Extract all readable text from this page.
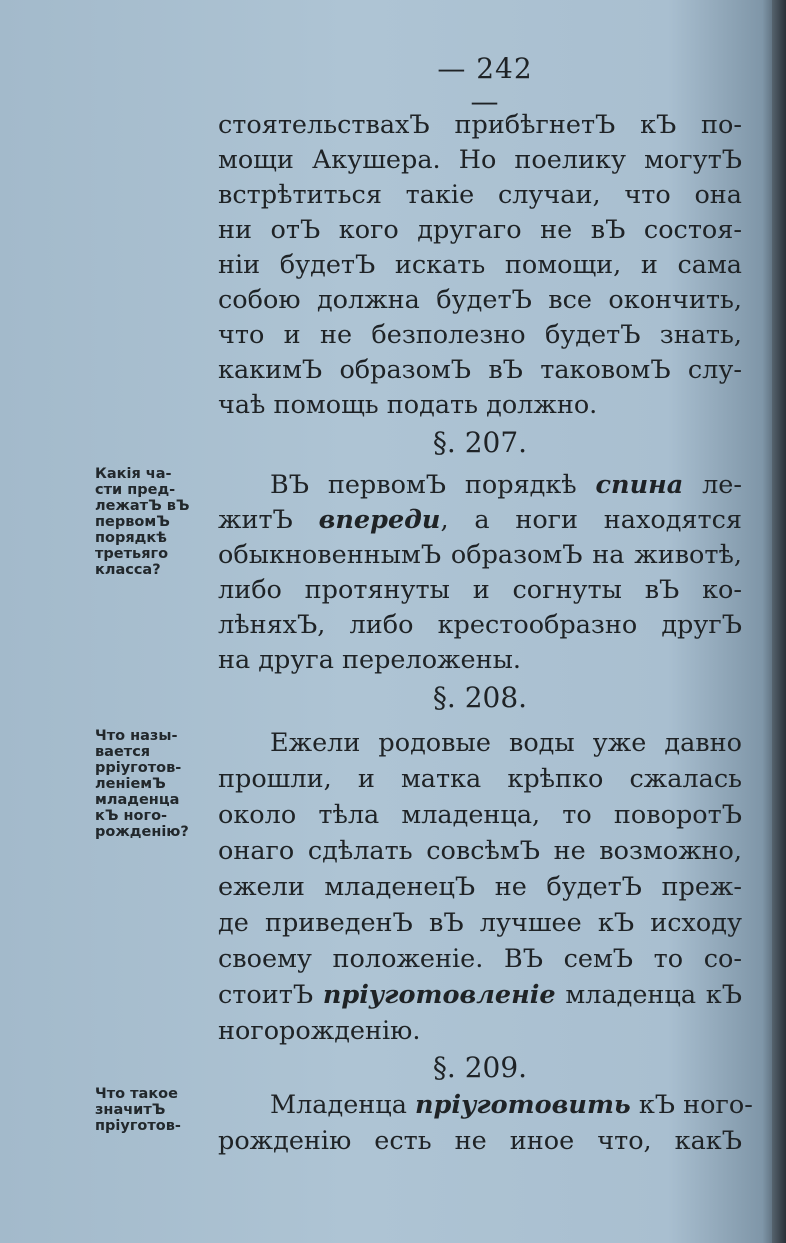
— 242 —
стоятельствахЪ прибѣгнетЪ кЪ по-
мощи Акушера. Но поелику могутЪ
встрѣтиться такіе случаи, что она
ни отЪ кого другаго не вЪ состоя-
ніи будетЪ искать помощи, и сама
собою должна будетЪ все окончить,
что и не безполезно будетЪ знать,
какимЪ образомЪ вЪ таковомЪ слу-
чаѣ помощь подать должно.
§. 207.
Какія ча-
сти пред-
лежатЪ вЪ
первомЪ
порядкѣ
третьяго
класса?
ВЪ первомЪ порядкѣ спина ле-
житЪ впереди, а ноги находятся
обыкновеннымЪ образомЪ на животѣ,
либо протянуты и согнуты вЪ ко-
лѣняхЪ, либо крестообразно другЪ
на друга переложены.
§. 208.
Что назы-
вается
pріуготов-
леніемЪ
младенца
кЪ ного-
рожденію?
Ежели родовые воды уже давно
прошли, и матка крѣпко сжалась
около тѣла младенца, то поворотЪ
онаго сдѣлать совсѣмЪ не возможно,
ежели младенецЪ не будетЪ преж-
де приведенЪ вЪ лучшее кЪ исходу
своему положеніе. ВЪ семЪ то со-
стоитЪ пріуготовленіе младенца кЪ
ногорожденію.
§. 209.
Что такое
значитЪ
пріуготов-
Младенца пріуготовить кЪ ного-
рожденію есть не иное что, какЪ
